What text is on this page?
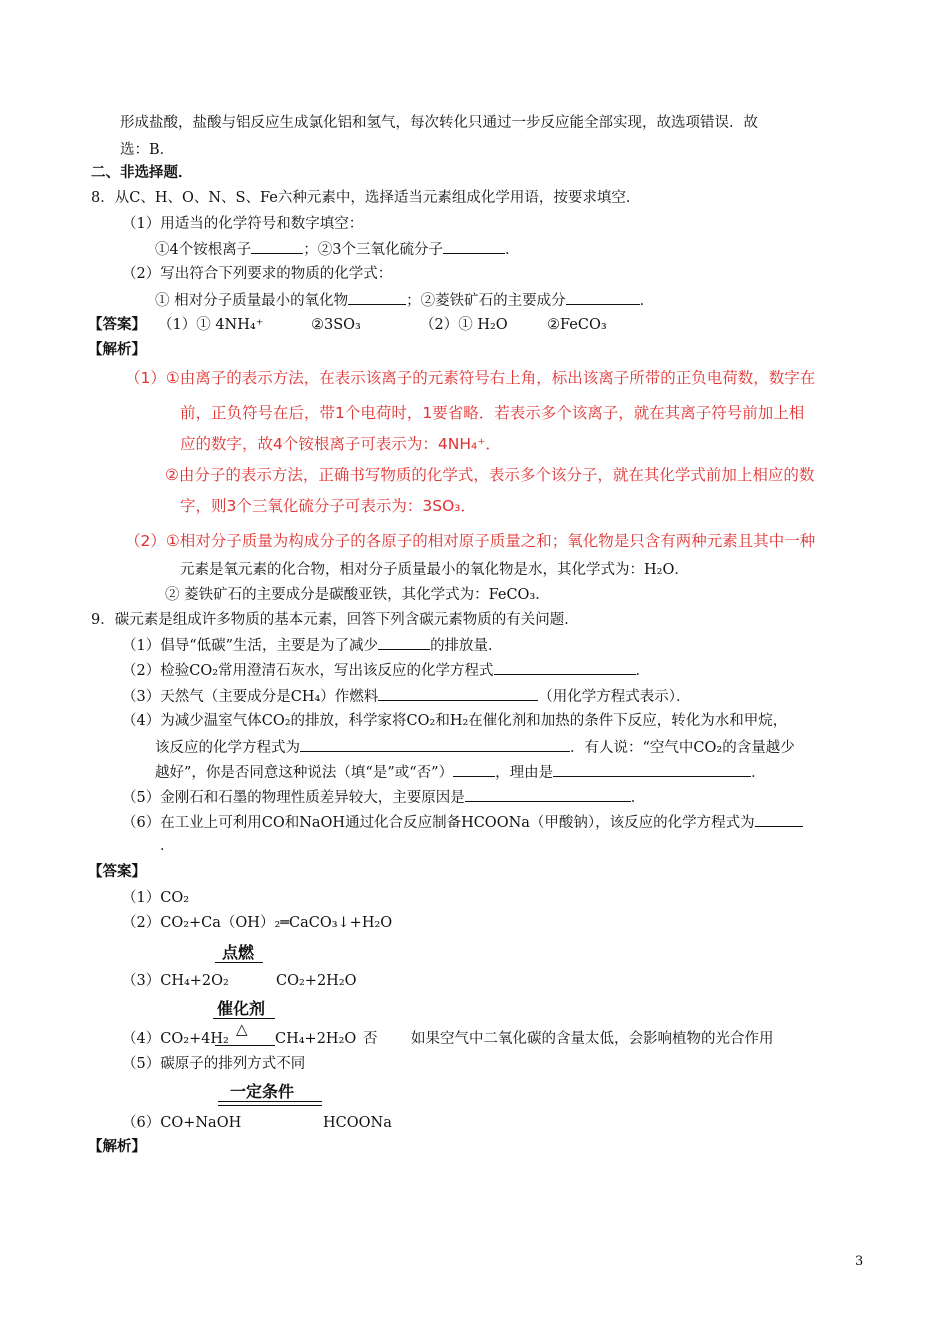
形成盐酸，盐酸与铝反应生成氯化铝和氢气，每次转化只通过一步反应能全部实现，故选项错误．故
选：B．
二、非选择题．
8．从C、H、O、N、S、Fe六种元素中，选择适当元素组成化学用语，按要求填空．
（1）用适当的化学符号和数字填空：
①4个铵根离子	；②3个三氧化硫分子	．
（2）写出符合下列要求的物质的化学式：
① 相对分子质量最小的氧化物	；②菱铁矿石的主要成分	．
【答案】 （1）① 4NH₄⁺	②3SO₃	（2）① H₂O	②FeCO₃
【解析】
（1）①由离子的表示方法，在表示该离子的元素符号右上角，标出该离子所带的正负电荷数，数字在
前，正负符号在后，带1个电荷时，1要省略．若表示多个该离子，就在其离子符号前加上相
应的数字，故4个铵根离子可表示为：4NH₄⁺．
②由分子的表示方法，正确书写物质的化学式，表示多个该分子，就在其化学式前加上相应的数
字，则3个三氧化硫分子可表示为：3SO₃．
（2）①相对分子质量为构成分子的各原子的相对原子质量之和；氧化物是只含有两种元素且其中一种
元素是氧元素的化合物，相对分子质量最小的氧化物是水，其化学式为：H₂O．
② 菱铁矿石的主要成分是碳酸亚铁，其化学式为：FeCO₃．
9．碳元素是组成许多物质的基本元素，回答下列含碳元素物质的有关问题．
（1）倡导“低碳”生活，主要是为了减少	的排放量．
（2）检验CO₂常用澄清石灰水，写出该反应的化学方程式	．
（3）天然气（主要成分是CH₄）作燃料	（用化学方程式表示）．
（4）为减少温室气体CO₂的排放，科学家将CO₂和H₂在催化剂和加热的条件下反应，转化为水和甲烷，
该反应的化学方程式为	．有人说：“空气中CO₂的含量越少
越好”，你是否同意这种说法（填“是”或“否”）	，理由是	．
（5）金刚石和石墨的物理性质差异较大，主要原因是	．
（6）在工业上可利用CO和NaOH通过化合反应制备HCOONa（甲酸钠），该反应的化学方程式为
．
【答案】
（1）CO₂
（2）CO₂+Ca（OH）₂═CaCO₃↓+H₂O
点燃
（3）CH₄+2O₂	CO₂+2H₂O
催化剂
△
（4）CO₂+4H₂	CH₄+2H₂O 否 如果空气中二氧化碳的含量太低，会影响植物的光合作用
（5）碳原子的排列方式不同
一定条件
（6）CO+NaOH	HCOONa
【解析】
3
